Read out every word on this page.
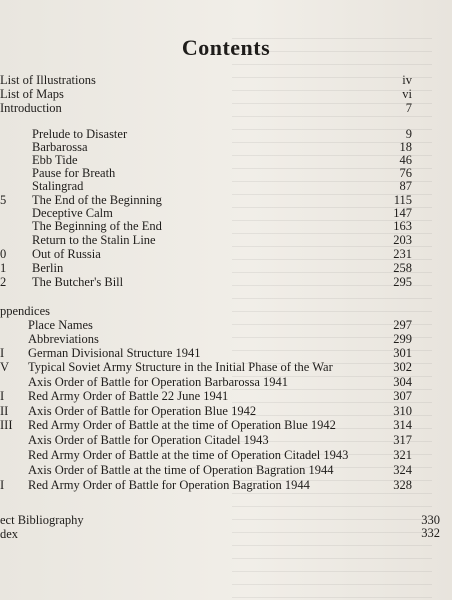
Contents
List of Illustrations	iv
List of Maps	vi
Introduction	7
Prelude to Disaster	9
Barbarossa	18
Ebb Tide	46
Pause for Breath	76
Stalingrad	87
5	The End of the Beginning	115
Deceptive Calm	147
The Beginning of the End	163
Return to the Stalin Line	203
0	Out of Russia	231
1	Berlin	258
2	The Butcher's Bill	295
ppendices
Place Names	297
Abbreviations	299
I	German Divisional Structure 1941	301
V Typical Soviet Army Structure in the Initial Phase of the War	302
Axis Order of Battle for Operation Barbarossa 1941	304
I	Red Army Order of Battle 22 June 1941	307
II Axis Order of Battle for Operation Blue 1942	310
III Red Army Order of Battle at the time of Operation Blue 1942	314
Axis Order of Battle for Operation Citadel 1943	317
Red Army Order of Battle at the time of Operation Citadel 1943	321
Axis Order of Battle at the time of Operation Bagration 1944	324
I	Red Army Order of Battle for Operation Bagration 1944	328
ect Bibliography	330
dex	332
